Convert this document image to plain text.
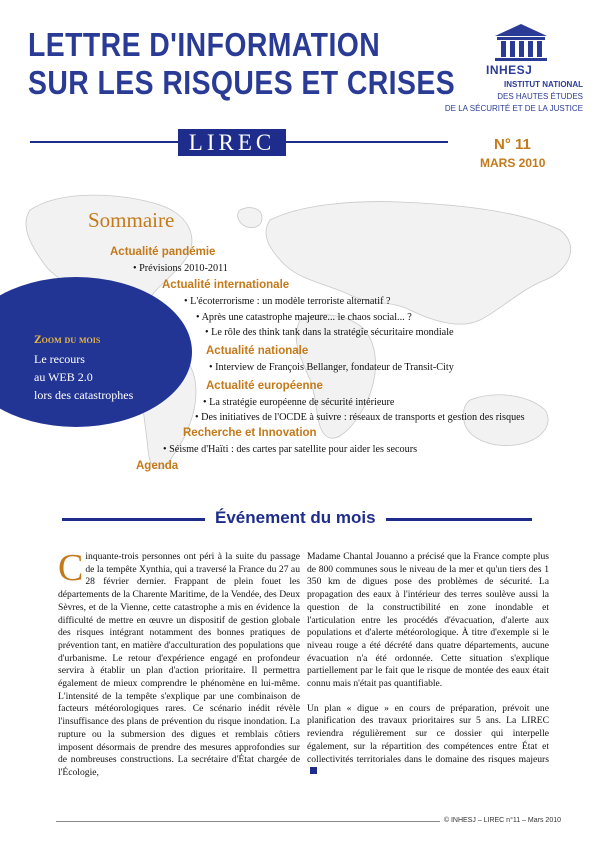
LETTRE D'INFORMATION
SUR LES RISQUES ET CRISES
LIREC
INHESJ
INSTITUT NATIONAL
DES HAUTES ÉTUDES
DE LA SÉCURITÉ ET DE LA JUSTICE
N° 11
MARS 2010
Zoom du mois
Le recours
au WEB 2.0
lors des catastrophes
Sommaire
Actualité pandémie
• Prévisions 2010-2011
Actualité internationale
• L'écoterrorisme : un modèle terroriste alternatif ?
• Après une catastrophe majeure... le chaos social... ?
• Le rôle des think tank dans la stratégie sécuritaire mondiale
Actualité nationale
• Interview de François Bellanger, fondateur de Transit-City
Actualité européenne
• La stratégie européenne de sécurité intérieure
• Des initiatives de l'OCDE à suivre : réseaux de transports et gestion des risques
Recherche et Innovation
• Séisme d'Haïti : des cartes par satellite pour aider les secours
Agenda
Événement du mois

Cinquante-trois personnes ont péri à la suite du passage de la tempête Xynthia, qui a traversé la France du 27 au 28 février dernier. Frappant de plein fouet les départements de la Charente Maritime, de la Vendée, des Deux Sèvres, et de la Vienne, cette catastrophe a mis en évidence la difficulté de mettre en œuvre un dispositif de gestion globale des risques intégrant notamment des bonnes pratiques de prévention tant, en matière d'acculturation des populations que d'urbanisme. Le retour d'expérience engagé en profondeur servira à établir un plan d'action prioritaire. Il permettra également de mieux comprendre le phénomène en lui-même. L'intensité de la tempête s'explique par une combinaison de facteurs météorologiques rares. Ce scénario inédit révèle l'insuffisance des plans de prévention du risque inondation. La rupture ou la submersion des digues et remblais côtiers imposent désormais de prendre des mesures approfondies sur de nombreuses constructions. La secrétaire d'État chargée de l'Écologie,

Madame Chantal Jouanno a précisé que la France compte plus de 800 communes sous le niveau de la mer et qu'un tiers des 1 350 km de digues pose des problèmes de sécurité. La propagation des eaux à l'intérieur des terres soulève aussi la question de la constructibilité en zone inondable et l'articulation entre les procédés d'évacuation, d'alerte aux populations et d'alerte météorologique. À titre d'exemple si le niveau rouge a été décrété dans quatre départements, aucune évacuation n'a été ordonnée. Cette situation s'explique partiellement par le fait que le risque de montée des eaux était connu mais n'était pas quantifiable.

Un plan « digue » en cours de préparation, prévoit une planification des travaux prioritaires sur 5 ans. La LIREC reviendra régulièrement sur ce dossier qui interpelle également, sur la répartition des compétences entre État et collectivités territoriales dans le domaine des risques majeurs

© INHESJ – LIREC n°11 – Mars 2010
